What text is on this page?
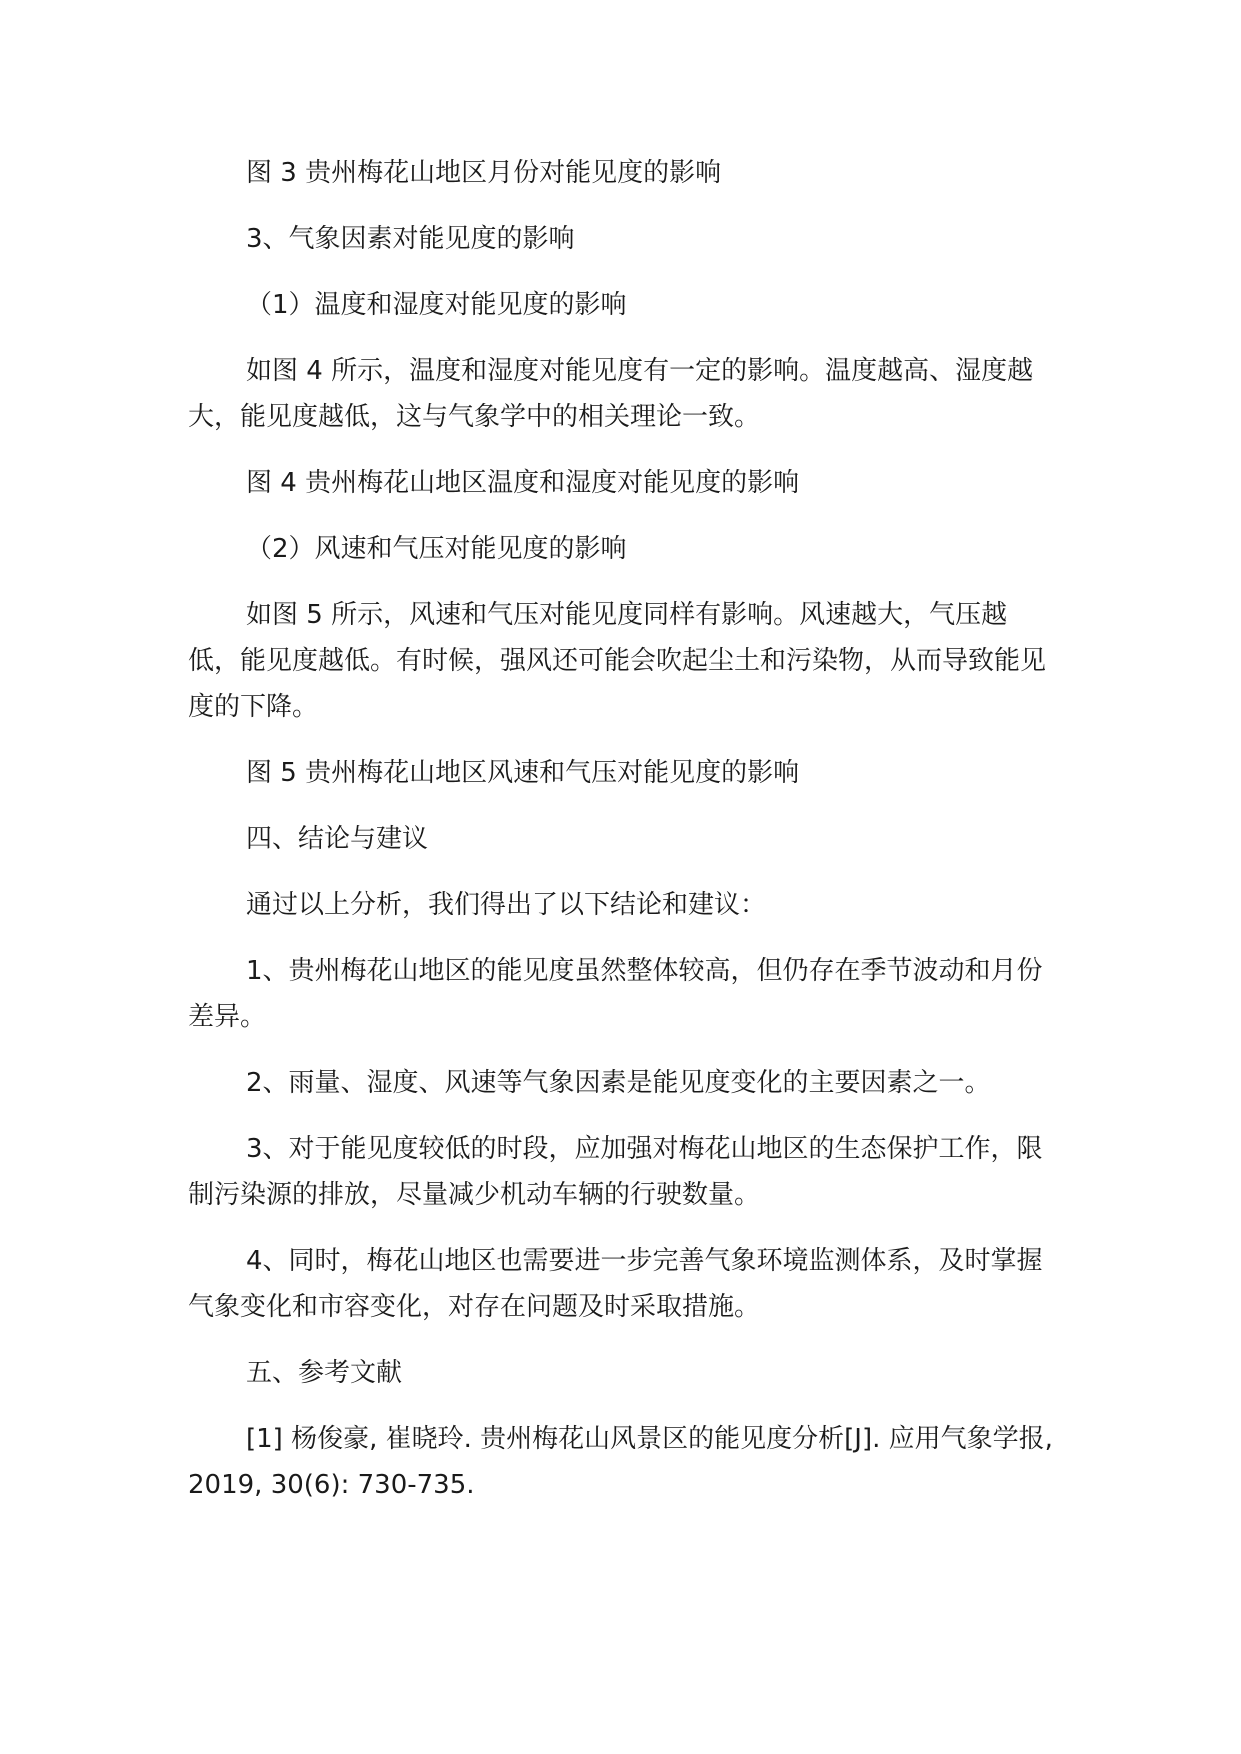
图 3 贵州梅花山地区月份对能见度的影响

3、气象因素对能见度的影响

（1）温度和湿度对能见度的影响

如图 4 所示，温度和湿度对能见度有一定的影响。温度越高、湿度越大，能见度越低，这与气象学中的相关理论一致。

图 4 贵州梅花山地区温度和湿度对能见度的影响

（2）风速和气压对能见度的影响

如图 5 所示，风速和气压对能见度同样有影响。风速越大，气压越低，能见度越低。有时候，强风还可能会吹起尘土和污染物，从而导致能见度的下降。

图 5 贵州梅花山地区风速和气压对能见度的影响

四、结论与建议

通过以上分析，我们得出了以下结论和建议：

1、贵州梅花山地区的能见度虽然整体较高，但仍存在季节波动和月份差异。

2、雨量、湿度、风速等气象因素是能见度变化的主要因素之一。

3、对于能见度较低的时段，应加强对梅花山地区的生态保护工作，限制污染源的排放，尽量减少机动车辆的行驶数量。

4、同时，梅花山地区也需要进一步完善气象环境监测体系，及时掌握气象变化和市容变化，对存在问题及时采取措施。

五、参考文献

[1] 杨俊豪, 崔晓玲. 贵州梅花山风景区的能见度分析[J]. 应用气象学报, 2019, 30(6): 730-735.
